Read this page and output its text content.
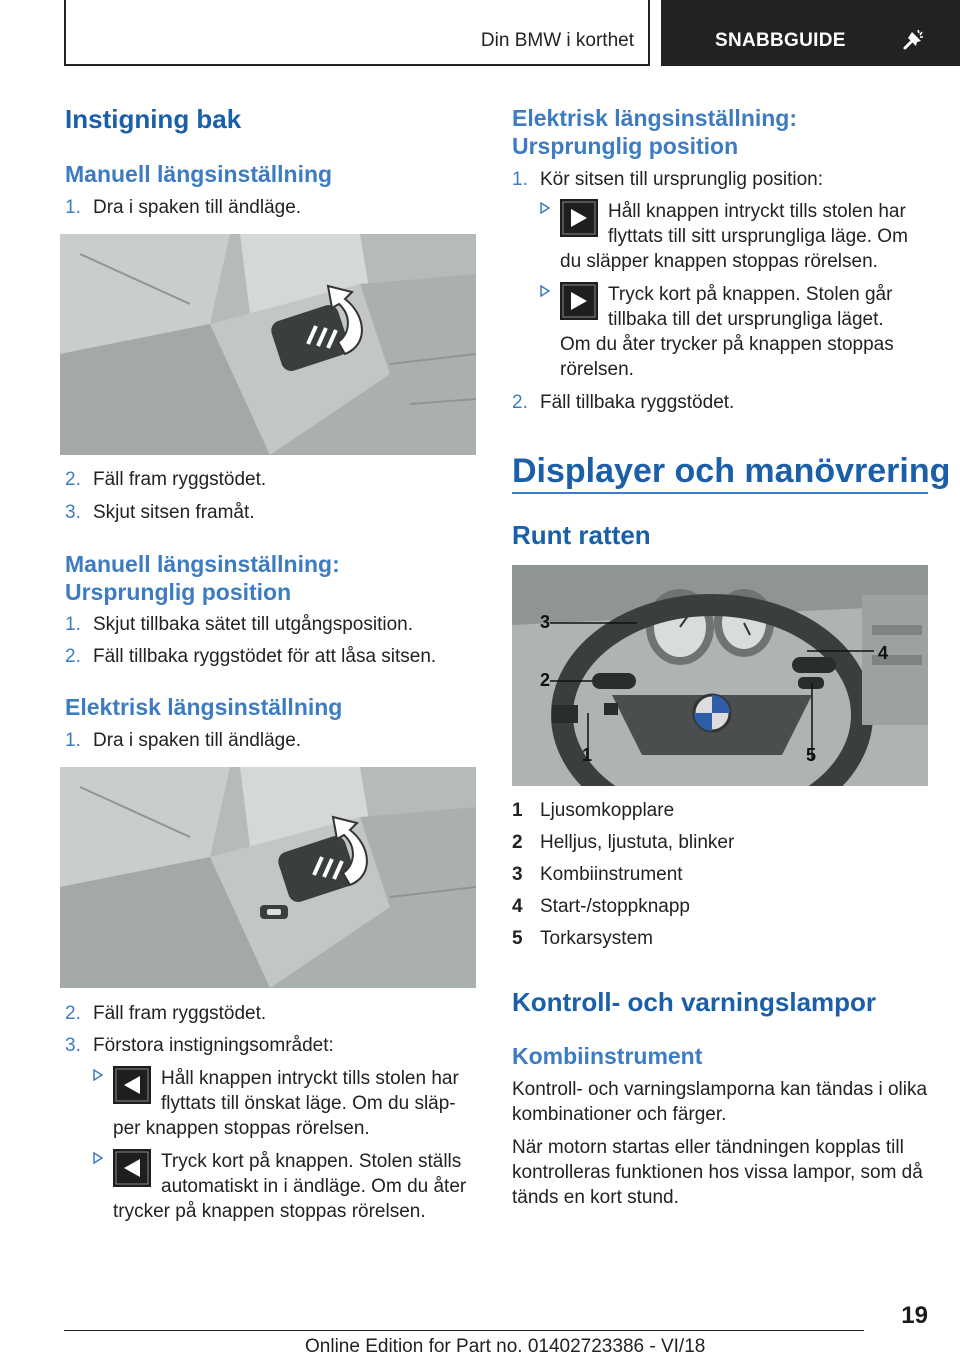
Din BMW i korthet	SNABBGUIDE
Instigning bak
Manuell längsinställning
1. Dra i spaken till ändläge.
2. Fäll fram ryggstödet.
3. Skjut sitsen framåt.
Manuell längsinställning:
Ursprunglig position
1. Skjut tillbaka sätet till utgångsposition.
2. Fäll tillbaka ryggstödet för att låsa sitsen.
Elektrisk längsinställning
1. Dra i spaken till ändläge.
2. Fäll fram ryggstödet.
3. Förstora instigningsområdet:
Håll knappen intryckt tills stolen har
flyttats till önskat läge. Om du släp-
per knappen stoppas rörelsen.
Tryck kort på knappen. Stolen ställs
automatiskt in i ändläge. Om du åter
trycker på knappen stoppas rörelsen.
Elektrisk längsinställning:
Ursprunglig position
1. Kör sitsen till ursprunglig position:
Håll knappen intryckt tills stolen har
flyttats till sitt ursprungliga läge. Om
du släpper knappen stoppas rörelsen.
Tryck kort på knappen. Stolen går
tillbaka till det ursprungliga läget.
Om du åter trycker på knappen stoppas
rörelsen.
2. Fäll tillbaka ryggstödet.
Displayer och manövrering
Runt ratten
3
2
1
4
5
1 Ljusomkopplare
2 Helljus, ljustuta, blinker
3 Kombiinstrument
4 Start-/stoppknapp
5 Torkarsystem
Kontroll- och varningslampor
Kombiinstrument
Kontroll- och varningslamporna kan tändas i olika
kombinationer och färger.
När motorn startas eller tändningen kopplas till
kontrolleras funktionen hos vissa lampor, som då
tänds en kort stund.
19
Online Edition for Part no. 01402723386 - VI/18
